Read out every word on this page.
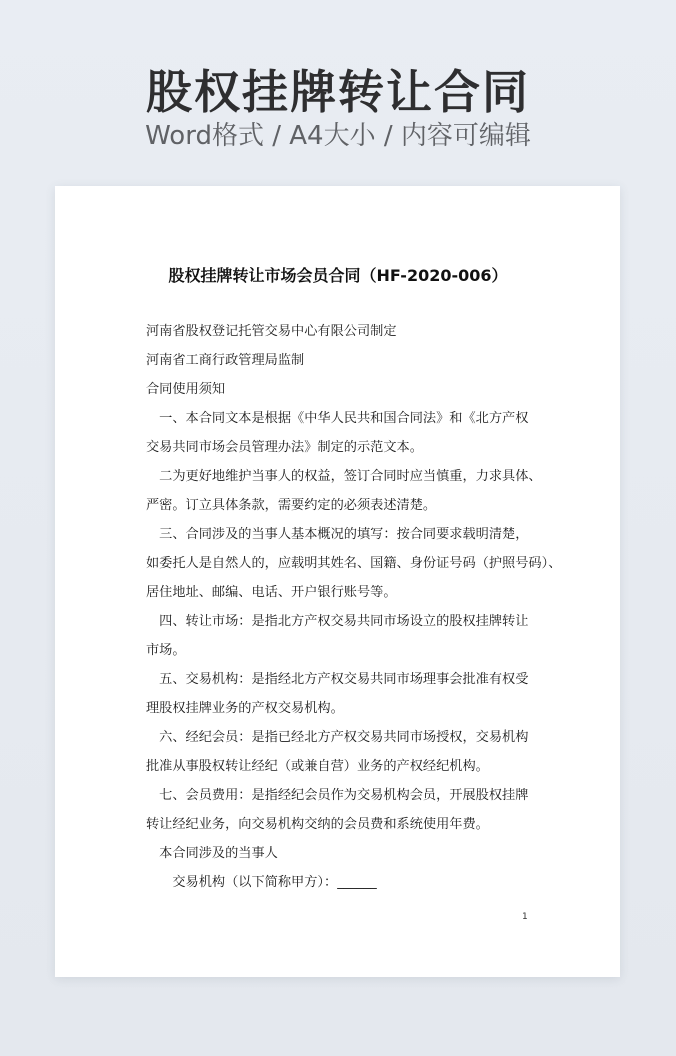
股权挂牌转让合同
Word格式 / A4大小 / 内容可编辑
股权挂牌转让市场会员合同（HF-2020-006）

河南省股权登记托管交易中心有限公司制定

河南省工商行政管理局监制

合同使用须知

　一、本合同文本是根据《中华人民共和国合同法》和《北方产权

交易共同市场会员管理办法》制定的示范文本。

　二为更好地维护当事人的权益，签订合同时应当慎重，力求具体、

严密。订立具体条款，需要约定的必须表述清楚。

　三、合同涉及的当事人基本概况的填写：按合同要求载明清楚，

如委托人是自然人的，应载明其姓名、国籍、身份证号码（护照号码）、

居住地址、邮编、电话、开户银行账号等。

　四、转让市场：是指北方产权交易共同市场设立的股权挂牌转让

市场。

　五、交易机构：是指经北方产权交易共同市场理事会批准有权受

理股权挂牌业务的产权交易机构。

　六、经纪会员：是指已经北方产权交易共同市场授权，交易机构

批准从事股权转让经纪（或兼自营）业务的产权经纪机构。

　七、会员费用：是指经纪会员作为交易机构会员，开展股权挂牌

转让经纪业务，向交易机构交纳的会员费和系统使用年费。

　本合同涉及的当事人

　　交易机构（以下简称甲方）：______

1
